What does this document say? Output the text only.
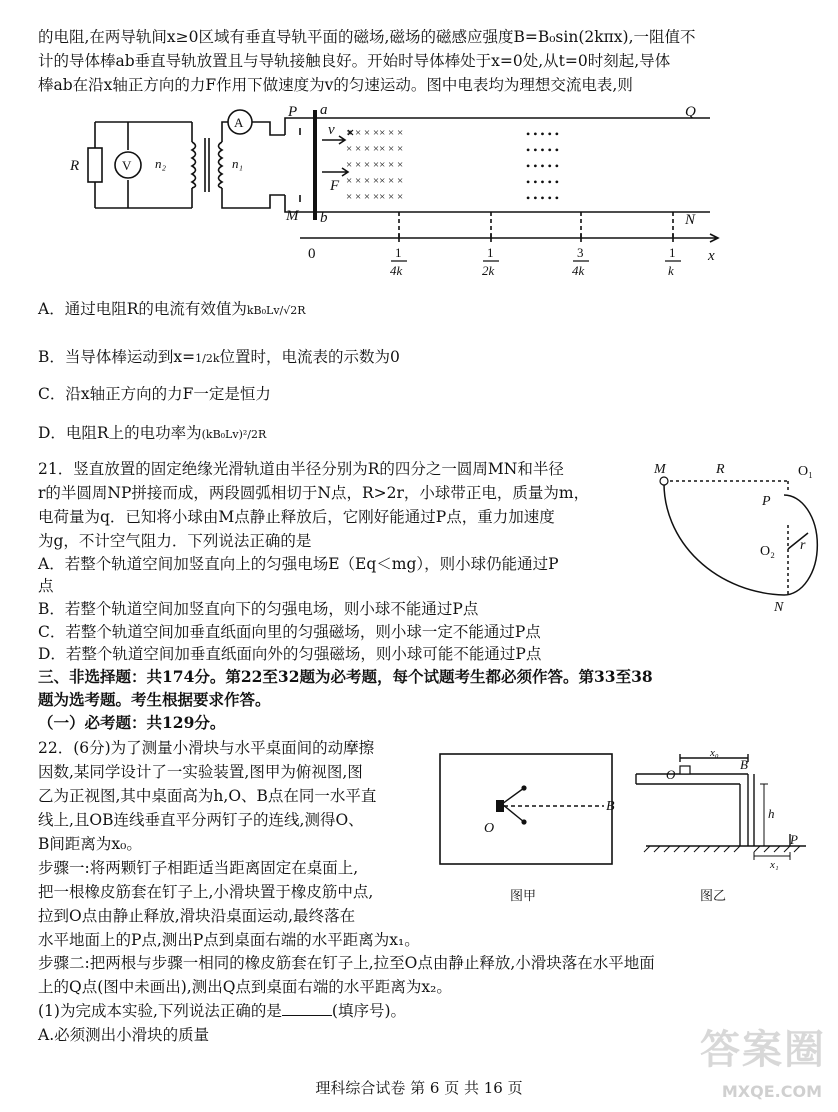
的电阻,在两导轨间x≥0区域有垂直导轨平面的磁场,磁场的磁感应强度B=B₀sin(2kπx),一阻值不
计的导体棒ab垂直导轨放置且与导轨接触良好。开始时导体棒处于x=0处,从t=0时刻起,导体
棒ab在沿x轴正方向的力F作用下做速度为v的匀速运动。图中电表均为理想交流电表,则
× × × ×× × ×
× × × ×× × ×
× × × ×× × ×
× × × ×× × ×
× × × ×× × ×
• • • • •
• • • • •
• • • • •
• • • • •
• • • • •
R	V n₂	n₁
A
P a	Q
M b	N
v
F
x
0	1
4k
1
2k
3
4k
1
k
A．通过电阻R的电流有效值为kB₀Lv/√2R
B．当导体棒运动到x=1/2k位置时，电流表的示数为0
C．沿x轴正方向的力F一定是恒力
D．电阻R上的电功率为(kB₀Lv)²/2R
21．竖直放置的固定绝缘光滑轨道由半径分别为R的四分之一圆周MN和半径
r的半圆周NP拼接而成，两段圆弧相切于N点，R>2r，小球带正电，质量为m，
电荷量为q．已知将小球由M点静止释放后，它刚好能通过P点，重力加速度
为g，不计空气阻力．下列说法正确的是
A．若整个轨道空间加竖直向上的匀强电场E（Eq＜mg），则小球仍能通过P
点
B．若整个轨道空间加竖直向下的匀强电场，则小球不能通过P点
C．若整个轨道空间加垂直纸面向里的匀强磁场，则小球一定不能通过P点
D．若整个轨道空间加垂直纸面向外的匀强磁场，则小球可能不能通过P点
M	R	O₁
P
O₂ r
N
三、非选择题：共174分。第22至32题为必考题，每个试题考生都必须作答。第33至38
题为选考题。考生根据要求作答。
（一）必考题：共129分。
22．(6分)为了测量小滑块与水平桌面间的动摩擦
因数,某同学设计了一实验装置,图甲为俯视图,图
乙为正视图,其中桌面高为h,O、B点在同一水平直
线上,且OB连线垂直平分两钉子的连线,测得O、
B间距离为x₀。
步骤一:将两颗钉子相距适当距离固定在桌面上,
把一根橡皮筋套在钉子上,小滑块置于橡皮筋中点,
拉到O点由静止释放,滑块沿桌面运动,最终落在
水平地面上的P点,测出P点到桌面右端的水平距离为x₁。
步骤二:把两根与步骤一相同的橡皮筋套在钉子上,拉至O点由静止释放,小滑块落在水平地面
上的Q点(图中未画出),测出Q点到桌面右端的水平距离为x₂。
(1)为完成本实验,下列说法正确的是	(填序号)。
A.必须测出小滑块的质量
O
B
图甲
O
B
x₀
h
P
x₁
图乙
答案圈
MXQE.COM
理科综合试卷 第 6 页 共 16 页
